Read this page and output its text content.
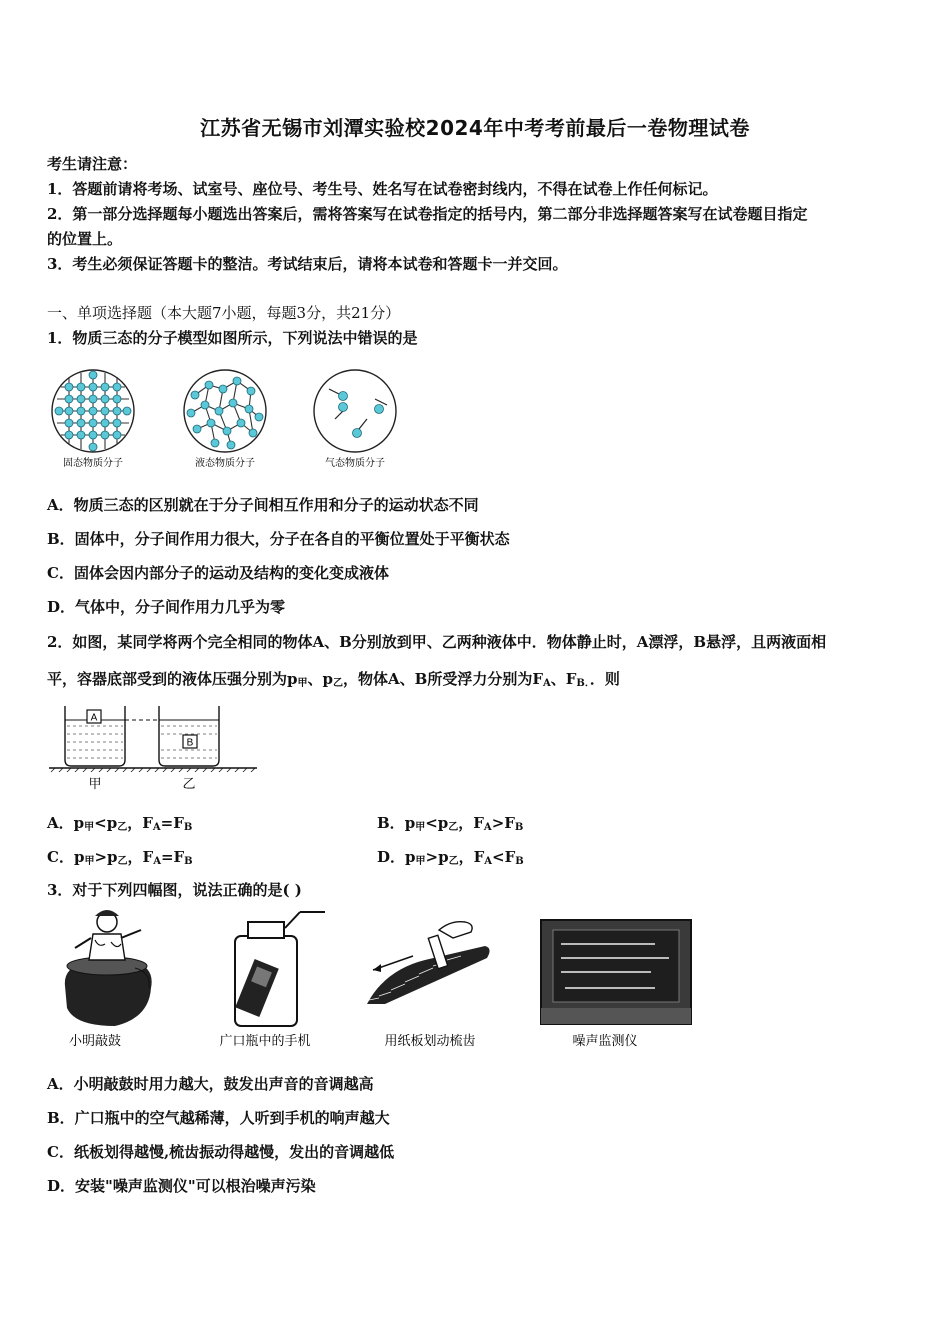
江苏省无锡市刘潭实验校2024年中考考前最后一卷物理试卷
考生请注意：
1．答题前请将考场、试室号、座位号、考生号、姓名写在试卷密封线内，不得在试卷上作任何标记。
2．第一部分选择题每小题选出答案后，需将答案写在试卷指定的括号内，第二部分非选择题答案写在试卷题目指定
的位置上。
3．考生必须保证答题卡的整洁。考试结束后，请将本试卷和答题卡一并交回。
一、单项选择题（本大题7小题，每题3分，共21分）
1．物质三态的分子模型如图所示，下列说法中错误的是
固态物质分子	液态物质分子	气态物质分子
A．物质三态的区别就在于分子间相互作用和分子的运动状态不同
B．固体中，分子间作用力很大，分子在各自的平衡位置处于平衡状态
C．固体会因内部分子的运动及结构的变化变成液体
D．气体中，分子间作用力几乎为零
2．如图，某同学将两个完全相同的物体A、B分别放到甲、乙两种液体中．物体静止时，A漂浮，B悬浮，且两液面相
平，容器底部受到的液体压强分别为$p_甲$、$p_乙$，物体A、B所受浮力分别为$F_A$、$F_{B.}$．则
A
B
甲	乙
A．$p_甲<p_乙$，$F_A=F_B$	B．$p_甲<p_乙$，$F_A>F_B$
C．$p_甲>p_乙$，$F_A=F_B$	D．$p_甲>p_乙$，$F_A<F_B$
3．对于下列四幅图，说法正确的是( )
小明敲鼓	广口瓶中的手机	用纸板划动梳齿	噪声监测仪
A．小明敲鼓时用力越大，鼓发出声音的音调越高
B．广口瓶中的空气越稀薄，人听到手机的响声越大
C．纸板划得越慢,梳齿振动得越慢，发出的音调越低
D．安装"噪声监测仪"可以根治噪声污染
